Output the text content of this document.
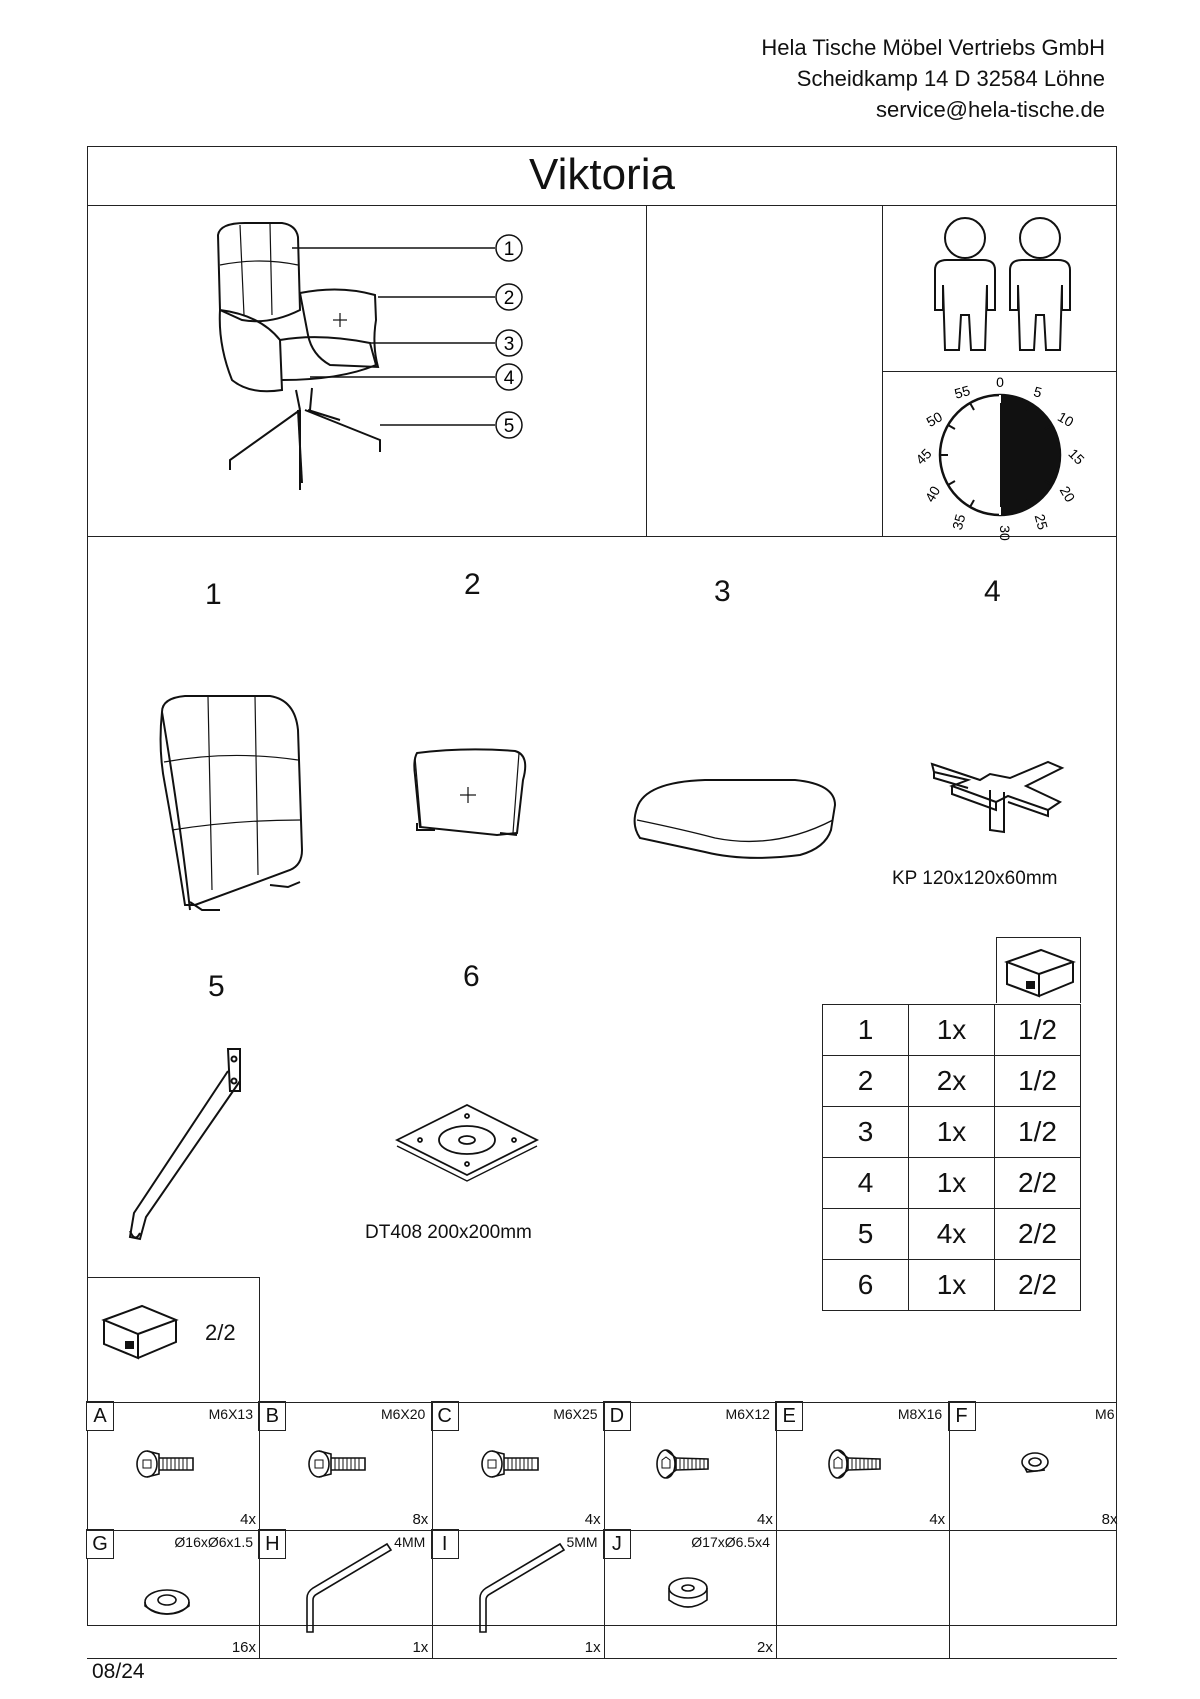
Hela Tische Möbel Vertriebs GmbH
Scheidkamp 14 D 32584 Löhne
service@hela-tische.de
Viktoria
1
2
3
4
5
0
5
10
15
20
25
30
35
40
45
50
55
1	2	3	4
5	6
KP 120x120x60mm
DT408 200x200mm
1	1x	1/2
2	2x	1/2
3	1x	1/2
4	1x	2/2
5	4x	2/2
6	1x	2/2
2/2
A	M6X13
4x
B	M6X20
8x
C	M6X25
4x
D	M6X12
4x
E	M8X16
4x
F	M6
8x
G	Ø16xØ6x1.5
16x
H	4MM
1x
I	5MM
1x
J	Ø17xØ6.5x4
2x
08/24
